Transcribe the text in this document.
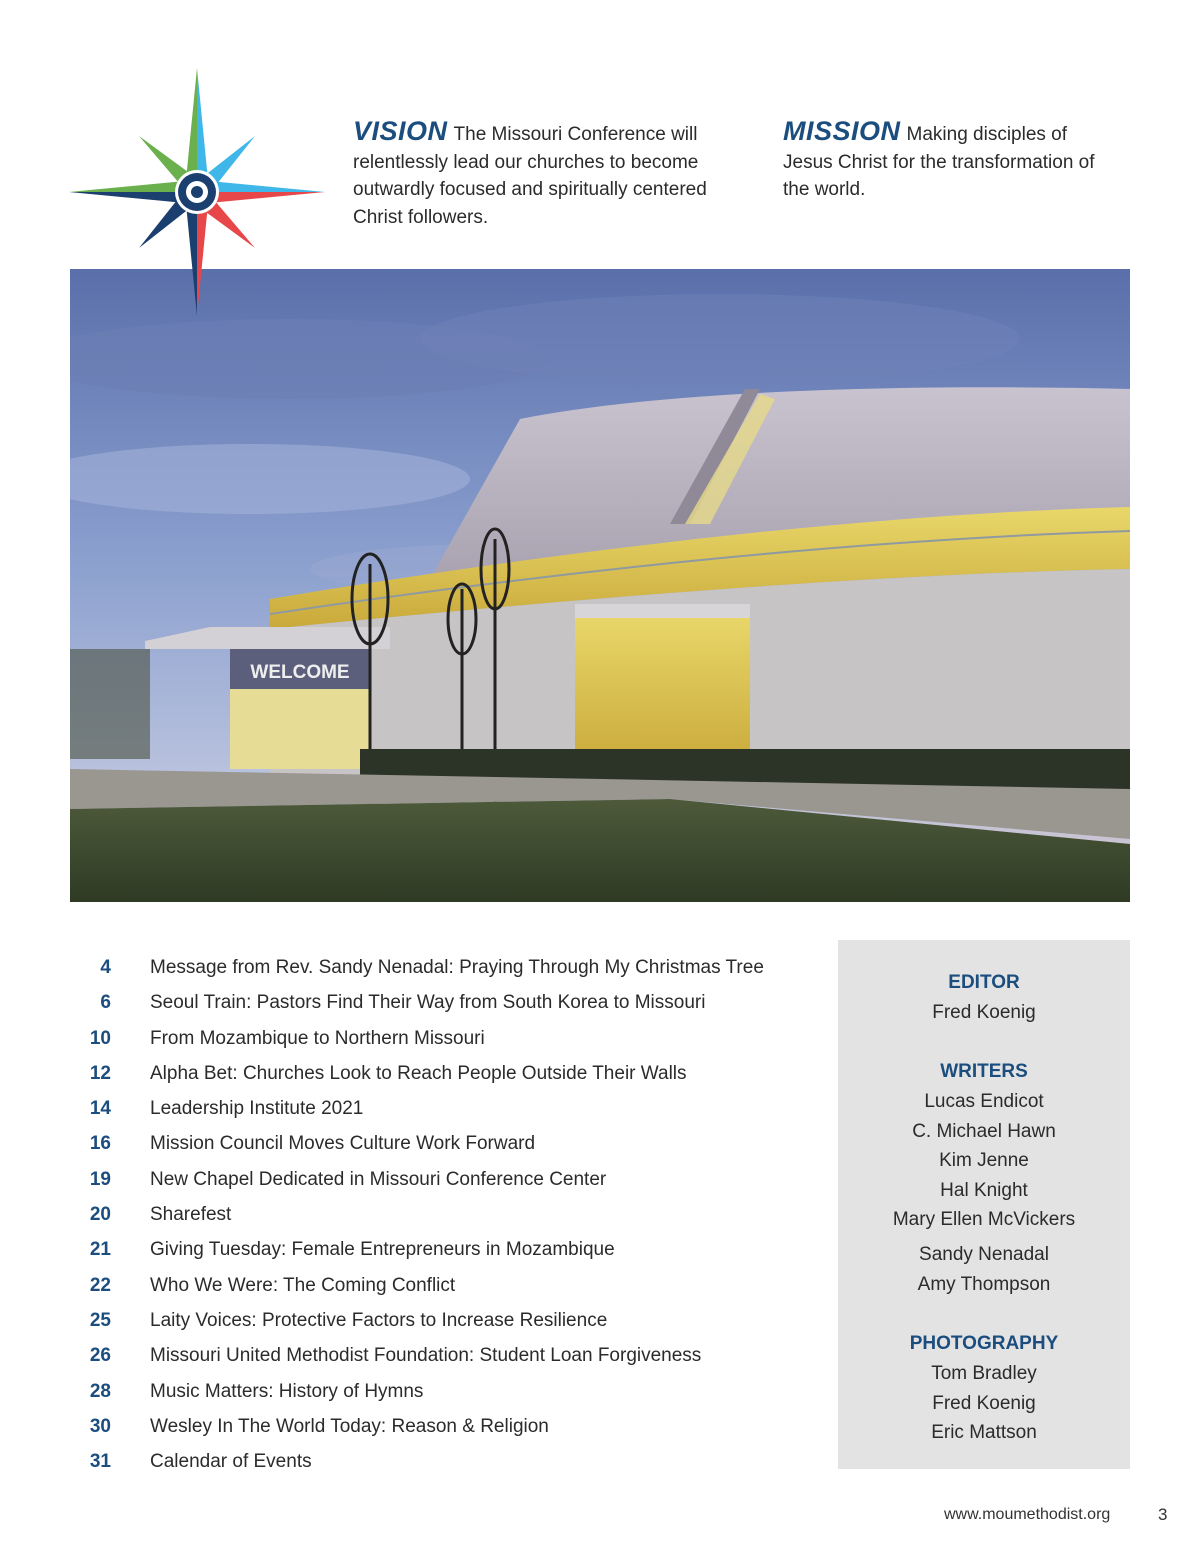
VISION The Missouri Conference will relentlessly lead our churches to become outwardly focused and spiritually centered Christ followers.
MISSION Making disciples of Jesus Christ for the transformation of the world.
WELCOME
4 Message from Rev. Sandy Nenadal: Praying Through My Christmas Tree
6 Seoul Train: Pastors Find Their Way from South Korea to Missouri
10 From Mozambique to Northern Missouri
12 Alpha Bet: Churches Look to Reach People Outside Their Walls
14 Leadership Institute 2021
16 Mission Council Moves Culture Work Forward
19 New Chapel Dedicated in Missouri Conference Center
20 Sharefest
21 Giving Tuesday: Female Entrepreneurs in Mozambique
22 Who We Were: The Coming Conflict
25 Laity Voices: Protective Factors to Increase Resilience
26 Missouri United Methodist Foundation: Student Loan Forgiveness
28 Music Matters: History of Hymns
30 Wesley In The World Today: Reason & Religion
31 Calendar of Events
EDITOR
Fred Koenig
WRITERS
Lucas Endicot
C. Michael Hawn
Kim Jenne
Hal Knight
Mary Ellen McVickers
Sandy Nenadal
Amy Thompson
PHOTOGRAPHY
Tom Bradley
Fred Koenig
Eric Mattson
www.moumethodist.org	3
